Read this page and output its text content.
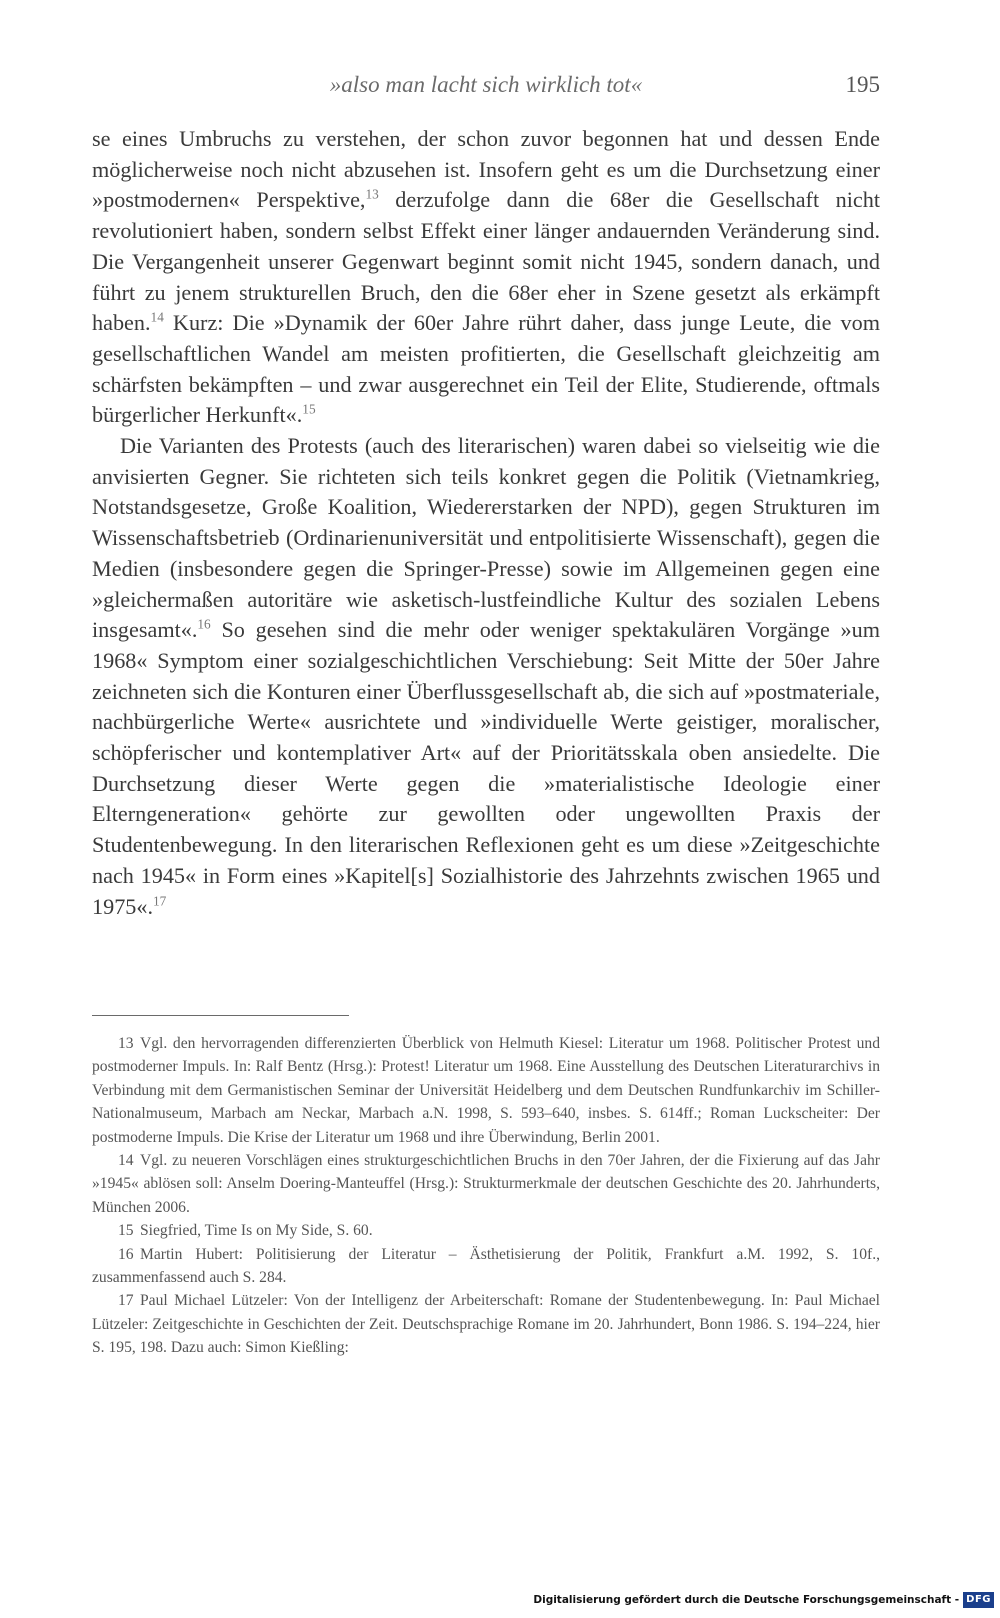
»also man lacht sich wirklich tot«	195

se eines Umbruchs zu verstehen, der schon zuvor begonnen hat und dessen Ende möglicherweise noch nicht abzusehen ist. Insofern geht es um die Durchsetzung einer »postmodernen« Perspektive,$^{13}$ derzufolge dann die 68er die Gesellschaft nicht revolutioniert haben, sondern selbst Effekt einer länger andauernden Veränderung sind. Die Vergangenheit unserer Gegenwart beginnt somit nicht 1945, sondern danach, und führt zu jenem strukturellen Bruch, den die 68er eher in Szene gesetzt als erkämpft haben.$^{14}$ Kurz: Die »Dynamik der 60er Jahre rührt daher, dass junge Leute, die vom gesellschaftlichen Wandel am meisten profitierten, die Gesellschaft gleichzeitig am schärfsten bekämpften – und zwar ausgerechnet ein Teil der Elite, Studierende, oftmals bürgerlicher Herkunft«.$^{15}$

Die Varianten des Protests (auch des literarischen) waren dabei so vielseitig wie die anvisierten Gegner. Sie richteten sich teils konkret gegen die Politik (Vietnamkrieg, Notstandsgesetze, Große Koalition, Wiedererstarken der NPD), gegen Strukturen im Wissenschaftsbetrieb (Ordinarienuniversität und entpolitisierte Wissenschaft), gegen die Medien (insbesondere gegen die Springer-Presse) sowie im Allgemeinen gegen eine »gleichermaßen autoritäre wie asketisch-lustfeindliche Kultur des sozialen Lebens insgesamt«.$^{16}$ So gesehen sind die mehr oder weniger spektakulären Vorgänge »um 1968« Symptom einer sozialgeschichtlichen Verschiebung: Seit Mitte der 50er Jahre zeichneten sich die Konturen einer Überflussgesellschaft ab, die sich auf »postmateriale, nachbürgerliche Werte« ausrichtete und »individuelle Werte geistiger, moralischer, schöpferischer und kontemplativer Art« auf der Prioritätsskala oben ansiedelte. Die Durchsetzung dieser Werte gegen die »materialistische Ideologie einer Elterngeneration« gehörte zur gewollten oder ungewollten Praxis der Studentenbewegung. In den literarischen Reflexionen geht es um diese »Zeitgeschichte nach 1945« in Form eines »Kapitel[s] Sozialhistorie des Jahrzehnts zwischen 1965 und 1975«.$^{17}$

13 Vgl. den hervorragenden differenzierten Überblick von Helmuth Kiesel: Literatur um 1968. Politischer Protest und postmoderner Impuls. In: Ralf Bentz (Hrsg.): Protest! Literatur um 1968. Eine Ausstellung des Deutschen Literaturarchivs in Verbindung mit dem Germanistischen Seminar der Universität Heidelberg und dem Deutschen Rundfunkarchiv im Schiller-Nationalmuseum, Marbach am Neckar, Marbach a.N. 1998, S. 593–640, insbes. S. 614ff.; Roman Luckscheiter: Der postmoderne Impuls. Die Krise der Literatur um 1968 und ihre Überwindung, Berlin 2001.

14 Vgl. zu neueren Vorschlägen eines strukturgeschichtlichen Bruchs in den 70er Jahren, der die Fixierung auf das Jahr »1945« ablösen soll: Anselm Doering-Manteuffel (Hrsg.): Strukturmerkmale der deutschen Geschichte des 20. Jahrhunderts, München 2006.

15 Siegfried, Time Is on My Side, S. 60.

16 Martin Hubert: Politisierung der Literatur – Ästhetisierung der Politik, Frankfurt a.M. 1992, S. 10f., zusammenfassend auch S. 284.

17 Paul Michael Lützeler: Von der Intelligenz der Arbeiterschaft: Romane der Studentenbewegung. In: Paul Michael Lützeler: Zeitgeschichte in Geschichten der Zeit. Deutschsprachige Romane im 20. Jahrhundert, Bonn 1986. S. 194–224, hier S. 195, 198. Dazu auch: Simon Kießling:

Digitalisierung gefördert durch die Deutsche Forschungsgemeinschaft - DFG
